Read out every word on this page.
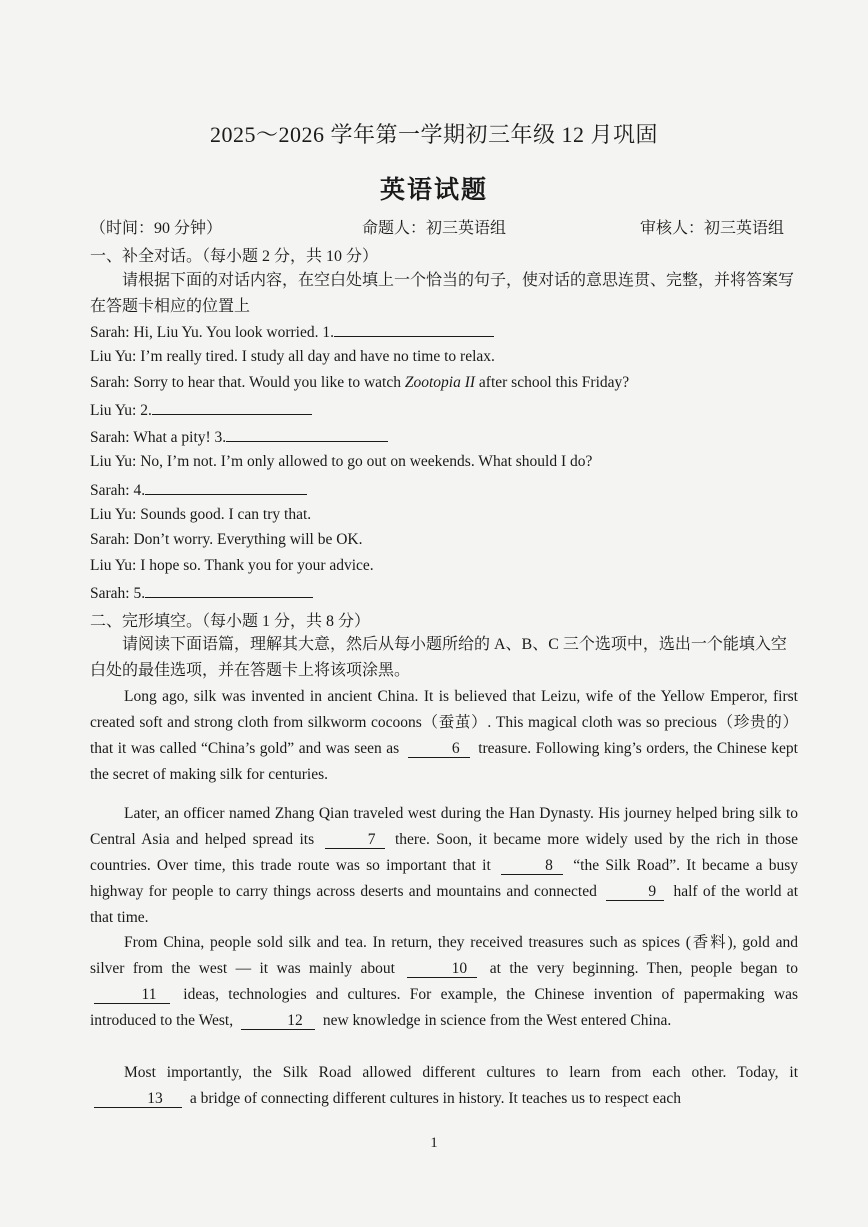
2025～2026 学年第一学期初三年级 12 月巩固
英语试题
（时间：90 分钟）	命题人：初三英语组	审核人：初三英语组
一、补全对话。（每小题 2 分，共 10 分）
请根据下面的对话内容，在空白处填上一个恰当的句子，使对话的意思连贯、完整，并将答案写在答题卡相应的位置上
Sarah: Hi, Liu Yu. You look worried. 1.
Liu Yu: I’m really tired. I study all day and have no time to relax.
Sarah: Sorry to hear that. Would you like to watch Zootopia II after school this Friday?
Liu Yu: 2.
Sarah: What a pity! 3.
Liu Yu: No, I’m not. I’m only allowed to go out on weekends. What should I do?
Sarah: 4.
Liu Yu: Sounds good. I can try that.
Sarah: Don’t worry. Everything will be OK.
Liu Yu: I hope so. Thank you for your advice.
Sarah: 5.
二、完形填空。（每小题 1 分，共 8 分）
请阅读下面语篇，理解其大意，然后从每小题所给的 A、B、C 三个选项中，选出一个能填入空白处的最佳选项，并在答题卡上将该项涂黑。
Long ago, silk was invented in ancient China. It is believed that Leizu, wife of the Yellow Emperor, first created soft and strong cloth from silkworm cocoons（蚕茧）. This magical cloth was so precious（珍贵的）that it was called “China’s gold” and was seen as	6 treasure. Following king’s orders, the Chinese kept the secret of making silk for centuries.
Later, an officer named Zhang Qian traveled west during the Han Dynasty. His journey helped bring silk to Central Asia and helped spread its	7 there. Soon, it became more widely used by the rich in those countries. Over time, this trade route was so important that it	8 “the Silk Road”. It became a busy highway for people to carry things across deserts and mountains and connected	9 half of the world at that time.
From China, people sold silk and tea. In return, they received treasures such as spices (香料), gold and silver from the west — it was mainly about	10 at the very beginning. Then, people began to 11 ideas, technologies and cultures. For example, the Chinese invention of papermaking was introduced to the West,	12 new knowledge in science from the West entered China.
Most importantly, the Silk Road allowed different cultures to learn from each other. Today, it 13 a bridge of connecting different cultures in history. It teaches us to respect each
1
